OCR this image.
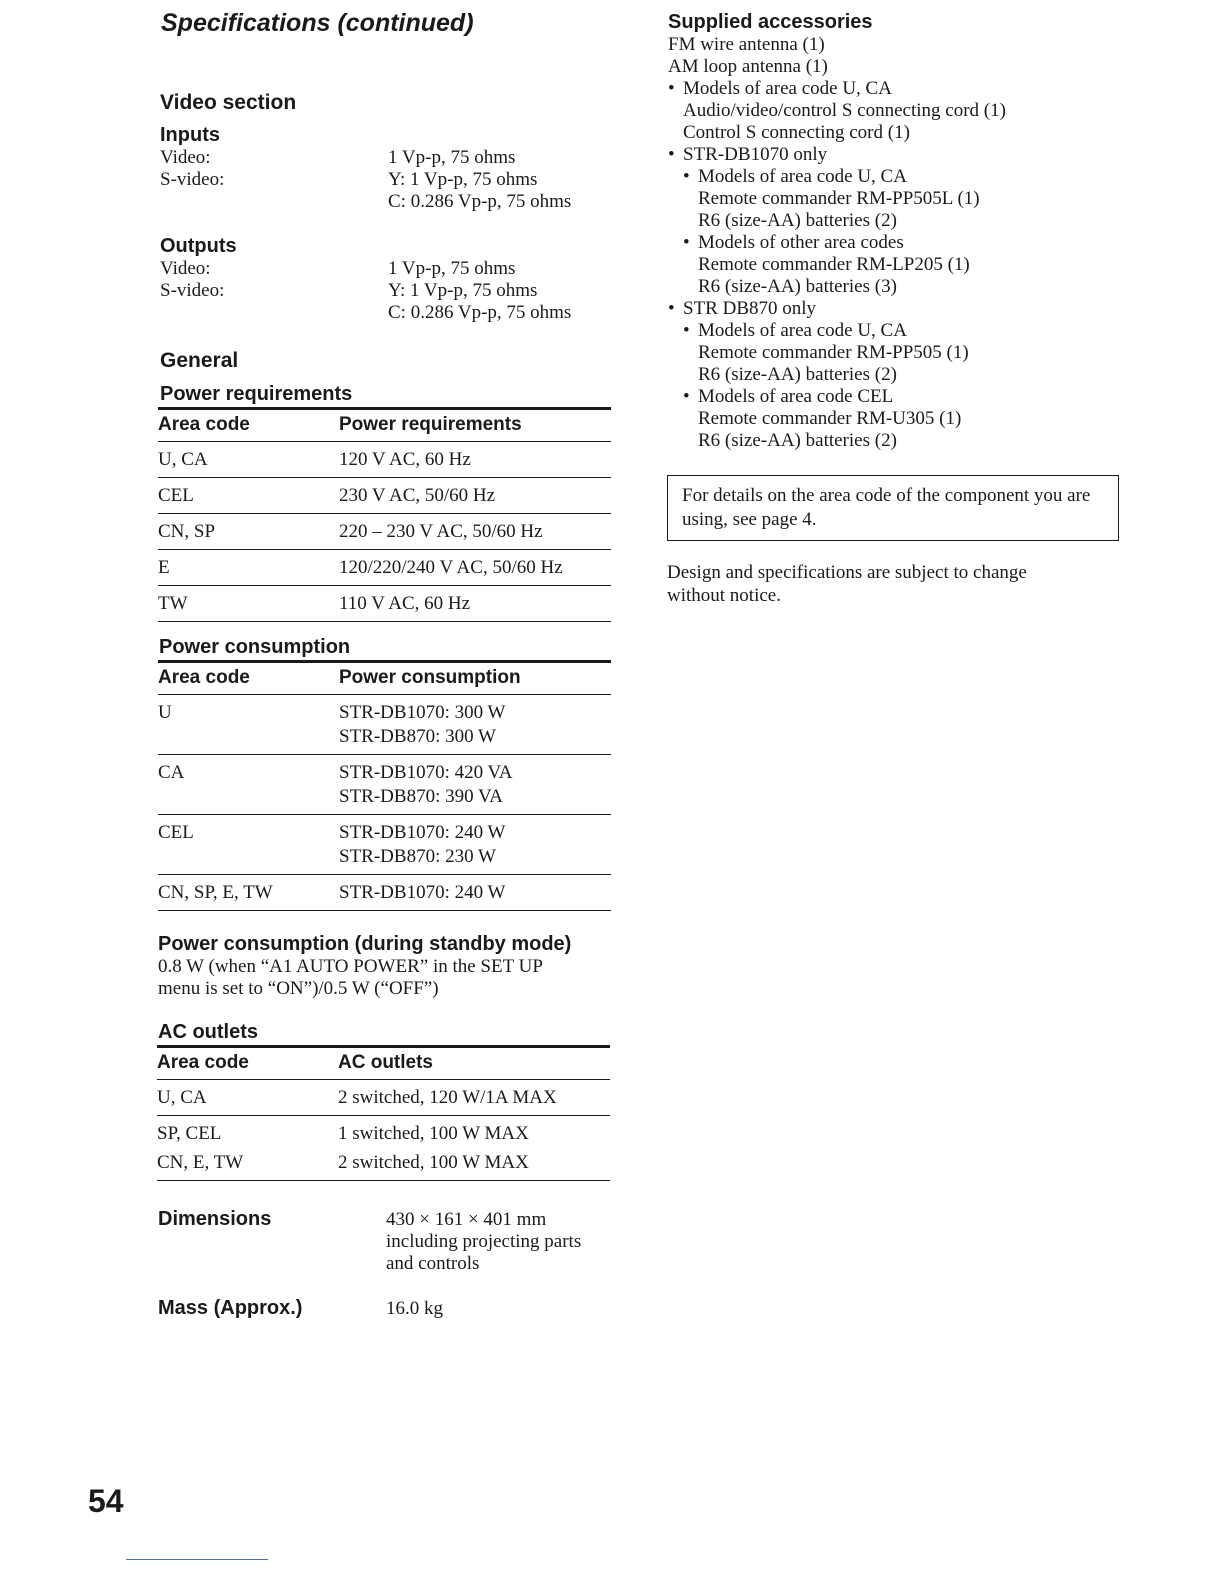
Specifications (continued)
Video section
Inputs
Video:	1 Vp-p, 75 ohms
S-video:	Y: 1 Vp-p, 75 ohms
C: 0.286 Vp-p, 75 ohms
Outputs
Video:	1 Vp-p, 75 ohms
S-video:	Y: 1 Vp-p, 75 ohms
C: 0.286 Vp-p, 75 ohms
General
Power requirements
Area code	Power requirements
U, CA	120 V AC, 60 Hz
CEL	230 V AC, 50/60 Hz
CN, SP	220 – 230 V AC, 50/60 Hz
E	120/220/240 V AC, 50/60 Hz
TW	110 V AC, 60 Hz
Power consumption
Area code	Power consumption
U	STR-DB1070: 300 W
STR-DB870: 300 W

CA	STR-DB1070: 420 VA
STR-DB870: 390 VA

CEL	STR-DB1070: 240 W
STR-DB870: 230 W

CN, SP, E, TW	STR-DB1070: 240 W
Power consumption (during standby mode)
0.8 W (when “A1 AUTO POWER” in the SET UP
menu is set to “ON”)/0.5 W (“OFF”)
AC outlets
Area code	AC outlets
U, CA	2 switched, 120 W/1A MAX
SP, CEL	1 switched, 100 W MAX
CN, E, TW	2 switched, 100 W MAX
Dimensions	430 × 161 × 401 mm
including projecting parts
and controls
Mass (Approx.)	16.0 kg
Supplied accessories
FM wire antenna (1)
AM loop antenna (1)
• Models of area code U, CA
Audio/video/control S connecting cord (1)
Control S connecting cord (1)
• STR-DB1070 only
• Models of area code U, CA
Remote commander RM-PP505L (1)
R6 (size-AA) batteries (2)
• Models of other area codes
Remote commander RM-LP205 (1)
R6 (size-AA) batteries (3)
• STR DB870 only
• Models of area code U, CA
Remote commander RM-PP505 (1)
R6 (size-AA) batteries (2)
• Models of area code CEL
Remote commander RM-U305 (1)
R6 (size-AA) batteries (2)
For details on the area code of the component you are using, see page 4.
Design and specifications are subject to change
without notice.
54
